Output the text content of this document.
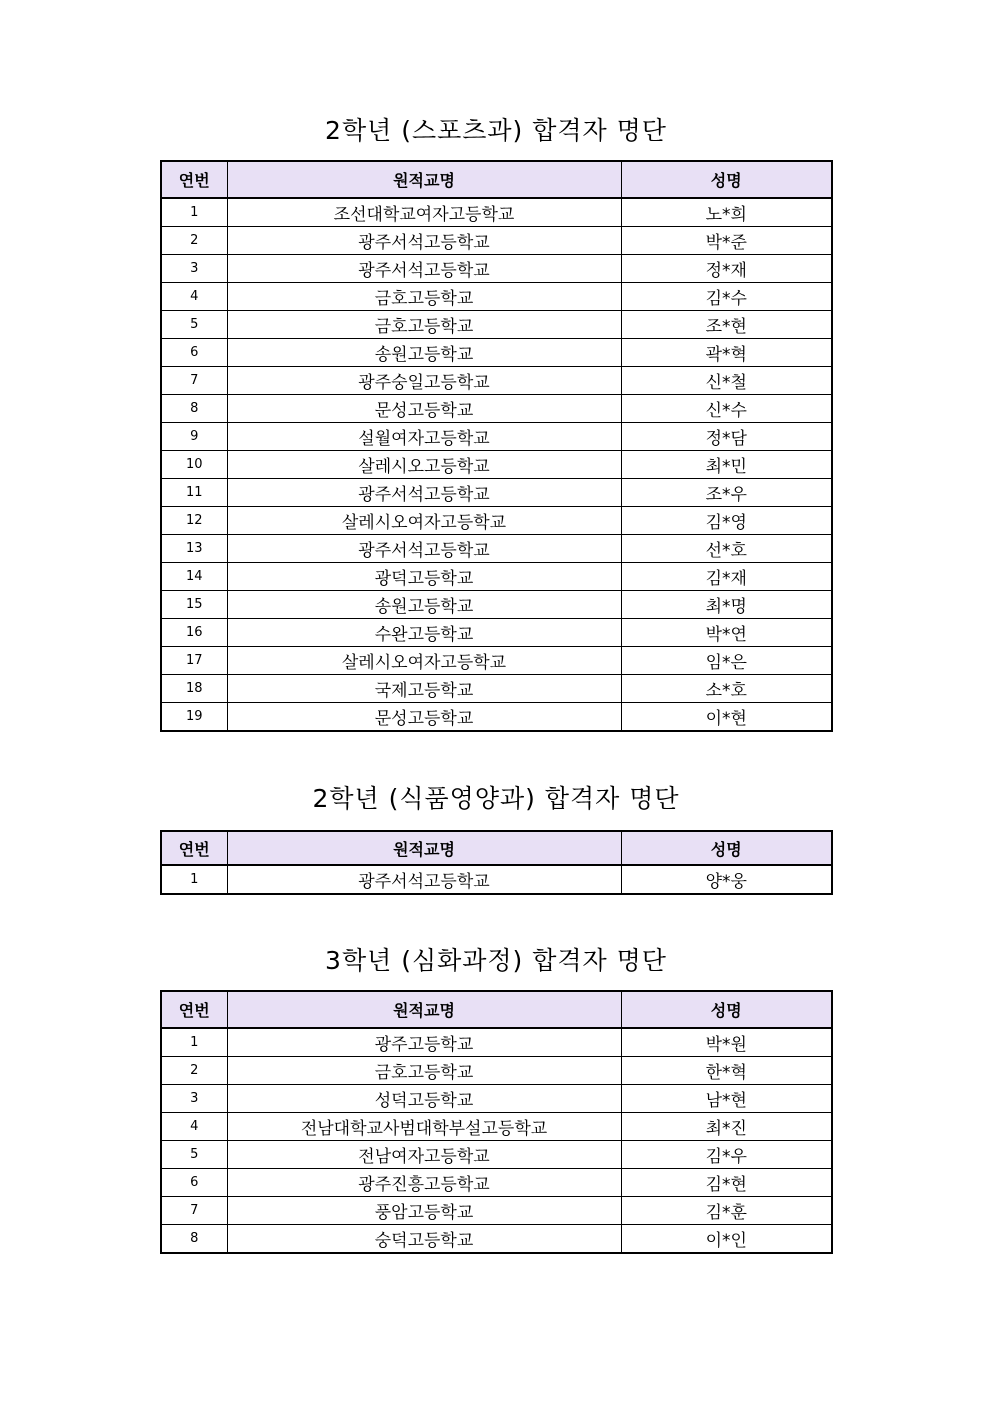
2학년 (스포츠과) 합격자 명단
연번	원적교명	성명
1	조선대학교여자고등학교	노*희
2	광주서석고등학교	박*준
3	광주서석고등학교	정*재
4	금호고등학교	김*수
5	금호고등학교	조*현
6	송원고등학교	곽*혁
7	광주숭일고등학교	신*철
8	문성고등학교	신*수
9	설월여자고등학교	정*담
10	살레시오고등학교	최*민
11	광주서석고등학교	조*우
12	살레시오여자고등학교	김*영
13	광주서석고등학교	선*호
14	광덕고등학교	김*재
15	송원고등학교	최*명
16	수완고등학교	박*연
17	살레시오여자고등학교	임*은
18	국제고등학교	소*호
19	문성고등학교	이*현
2학년 (식품영양과) 합격자 명단
연번	원적교명	성명
1	광주서석고등학교	양*웅
3학년 (심화과정) 합격자 명단
연번	원적교명	성명
1	광주고등학교	박*원
2	금호고등학교	한*혁
3	성덕고등학교	남*현
4	전남대학교사범대학부설고등학교	최*진
5	전남여자고등학교	김*우
6	광주진흥고등학교	김*현
7	풍암고등학교	김*훈
8	숭덕고등학교	이*인
